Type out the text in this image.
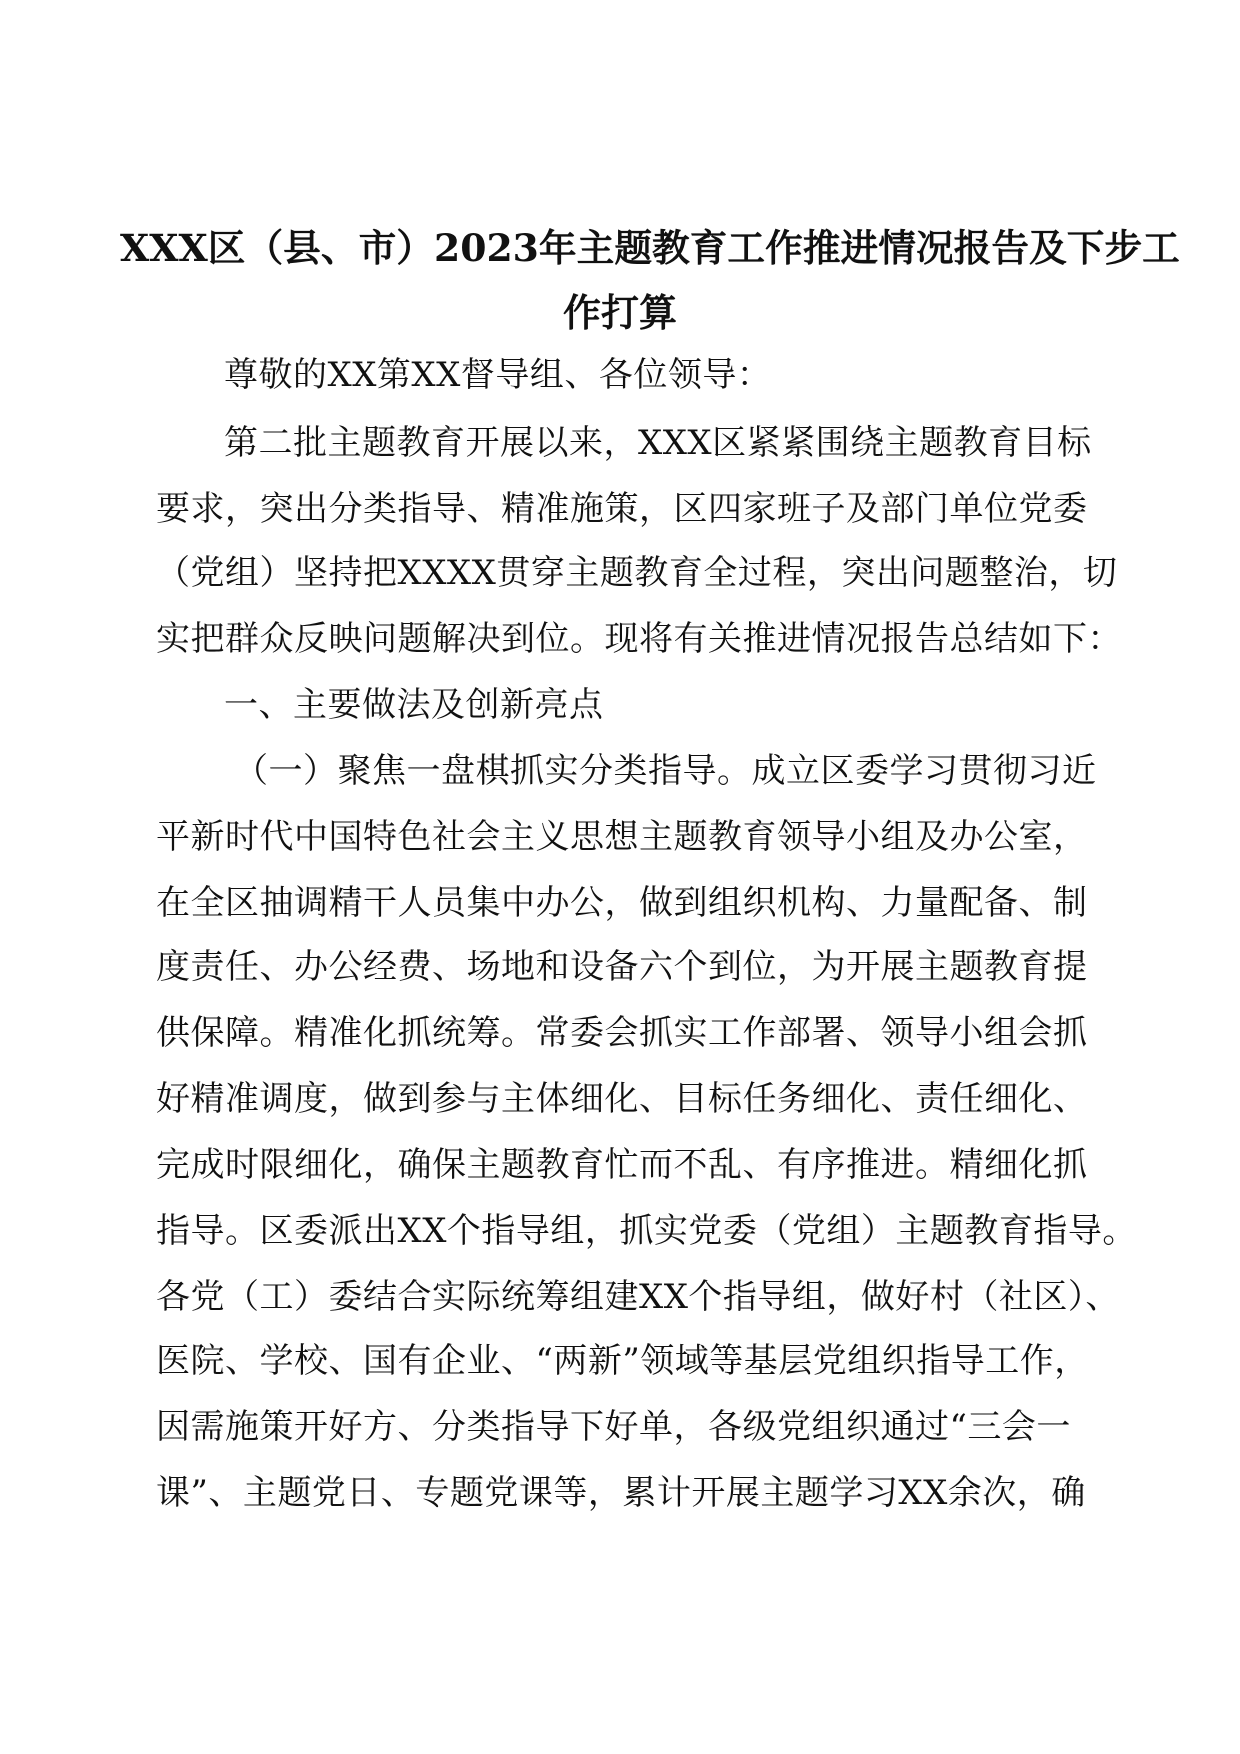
XXX区（县、市）2023年主题教育工作推进情况报告及下步工
作打算
尊敬的XX第XX督导组、各位领导：
第二批主题教育开展以来，XXX区紧紧围绕主题教育目标
要求，突出分类指导、精准施策，区四家班子及部门单位党委
（党组）坚持把XXXX贯穿主题教育全过程，突出问题整治，切
实把群众反映问题解决到位。现将有关推进情况报告总结如下：
一、主要做法及创新亮点
（一）聚焦一盘棋抓实分类指导。成立区委学习贯彻习近
平新时代中国特色社会主义思想主题教育领导小组及办公室，
在全区抽调精干人员集中办公，做到组织机构、力量配备、制
度责任、办公经费、场地和设备六个到位，为开展主题教育提
供保障。精准化抓统筹。常委会抓实工作部署、领导小组会抓
好精准调度，做到参与主体细化、目标任务细化、责任细化、
完成时限细化，确保主题教育忙而不乱、有序推进。精细化抓
指导。区委派出XX个指导组，抓实党委（党组）主题教育指导。
各党（工）委结合实际统筹组建XX个指导组，做好村（社区）、
医院、学校、国有企业、“两新”领域等基层党组织指导工作，
因需施策开好方、分类指导下好单，各级党组织通过“三会一
课”、主题党日、专题党课等，累计开展主题学习XX余次，确
